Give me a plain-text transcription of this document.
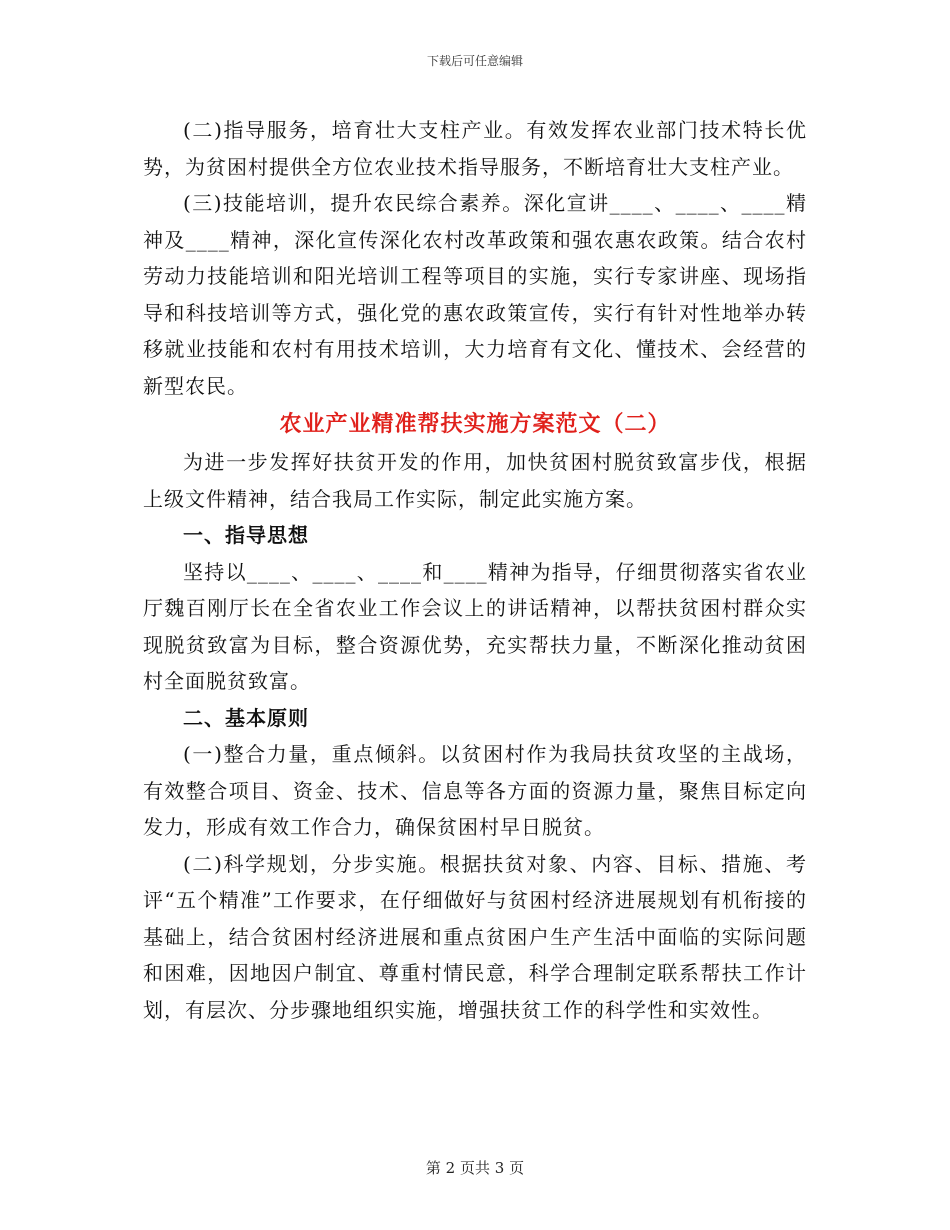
下载后可任意编辑

(二)指导服务，培育壮大支柱产业。有效发挥农业部门技术特长优势，为贫困村提供全方位农业技术指导服务，不断培育壮大支柱产业。

(三)技能培训，提升农民综合素养。深化宣讲____、____、____精神及____精神，深化宣传深化农村改革政策和强农惠农政策。结合农村劳动力技能培训和阳光培训工程等项目的实施，实行专家讲座、现场指导和科技培训等方式，强化党的惠农政策宣传，实行有针对性地举办转移就业技能和农村有用技术培训，大力培育有文化、懂技术、会经营的新型农民。

农业产业精准帮扶实施方案范文（二）

为进一步发挥好扶贫开发的作用，加快贫困村脱贫致富步伐，根据上级文件精神，结合我局工作实际，制定此实施方案。

一、指导思想

坚持以____、____、____和____精神为指导，仔细贯彻落实省农业厅魏百刚厅长在全省农业工作会议上的讲话精神，以帮扶贫困村群众实现脱贫致富为目标，整合资源优势，充实帮扶力量，不断深化推动贫困村全面脱贫致富。

二、基本原则

(一)整合力量，重点倾斜。以贫困村作为我局扶贫攻坚的主战场，有效整合项目、资金、技术、信息等各方面的资源力量，聚焦目标定向发力，形成有效工作合力，确保贫困村早日脱贫。

(二)科学规划，分步实施。根据扶贫对象、内容、目标、措施、考评“五个精准”工作要求，在仔细做好与贫困村经济进展规划有机衔接的基础上，结合贫困村经济进展和重点贫困户生产生活中面临的实际问题和困难，因地因户制宜、尊重村情民意，科学合理制定联系帮扶工作计划，有层次、分步骤地组织实施，增强扶贫工作的科学性和实效性。

第 2 页共 3 页
